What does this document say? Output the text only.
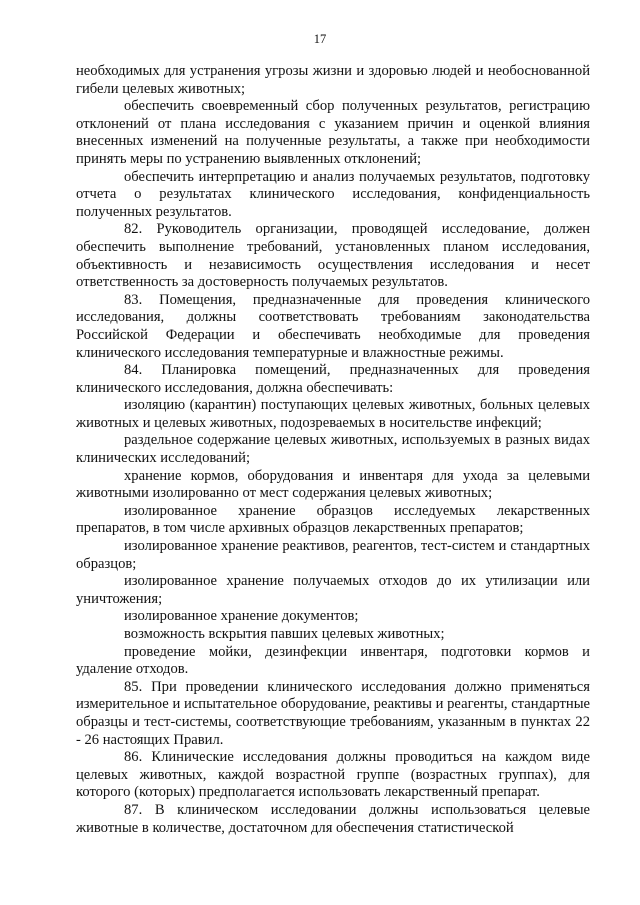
17

необходимых для устранения угрозы жизни и здоровью людей и необоснованной гибели целевых животных;

обеспечить своевременный сбор полученных результатов, регистрацию отклонений от плана исследования с указанием причин и оценкой влияния внесенных изменений на полученные результаты, а также при необходимости принять меры по устранению выявленных отклонений;

обеспечить интерпретацию и анализ получаемых результатов, подготовку отчета о результатах клинического исследования, конфиденциальность полученных результатов.

82. Руководитель организации, проводящей исследование, должен обеспечить выполнение требований, установленных планом исследования, объективность и независимость осуществления исследования и несет ответственность за достоверность получаемых результатов.

83. Помещения, предназначенные для проведения клинического исследования, должны соответствовать требованиям законодательства Российской Федерации и обеспечивать необходимые для проведения клинического исследования температурные и влажностные режимы.

84. Планировка помещений, предназначенных для проведения клинического исследования, должна обеспечивать:

изоляцию (карантин) поступающих целевых животных, больных целевых животных и целевых животных, подозреваемых в носительстве инфекций;

раздельное содержание целевых животных, используемых в разных видах клинических исследований;

хранение кормов, оборудования и инвентаря для ухода за целевыми животными изолированно от мест содержания целевых животных;

изолированное хранение образцов исследуемых лекарственных препаратов, в том числе архивных образцов лекарственных препаратов;

изолированное хранение реактивов, реагентов, тест-систем и стандартных образцов;

изолированное хранение получаемых отходов до их утилизации или уничтожения;

изолированное хранение документов;

возможность вскрытия павших целевых животных;

проведение мойки, дезинфекции инвентаря, подготовки кормов и удаление отходов.

85. При проведении клинического исследования должно применяться измерительное и испытательное оборудование, реактивы и реагенты, стандартные образцы и тест-системы, соответствующие требованиям, указанным в пунктах 22 - 26 настоящих Правил.

86. Клинические исследования должны проводиться на каждом виде целевых животных, каждой возрастной группе (возрастных группах), для которого (которых) предполагается использовать лекарственный препарат.

87. В клиническом исследовании должны использоваться целевые животные в количестве, достаточном для обеспечения статистической
